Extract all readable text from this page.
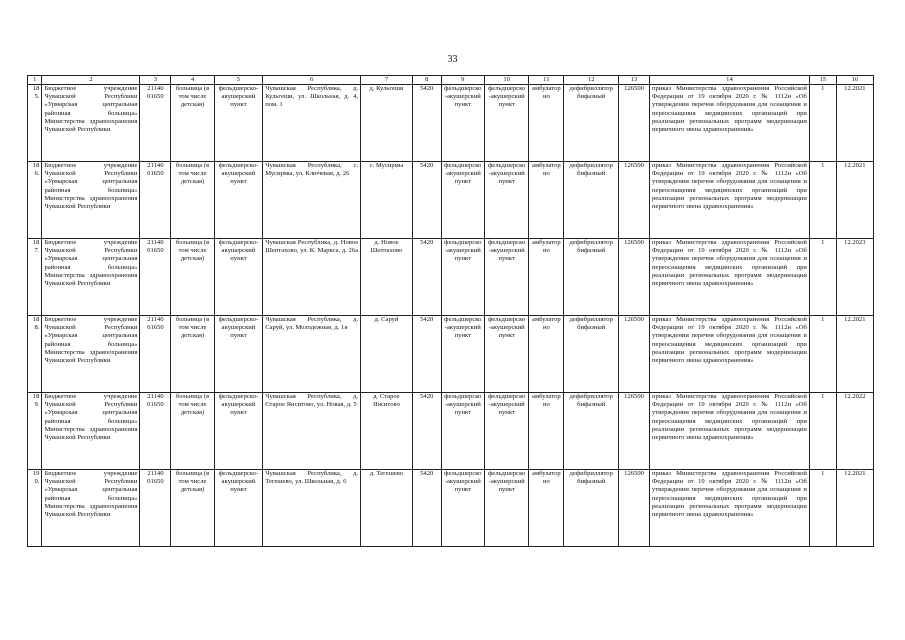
33
1	2	3	4	5	6	7	8	9	10	11	12	13	14	15	16
185.	Бюджетное учреждение Чувашской Республики «Урмарская центральная районная больница» Министерства здравоохранения Чувашской Республики	21140 01650	больница (в том числе детская)	фельдшерско-акушерский пункт	Чувашская Республика, д. Кульгеши, ул. Школьная, д. 4, пом. 1	д. Кульгеши	5420	фельдшерско-акушерский пункт	фельдшерско-акушерский пункт	амбулаторно	дефибриллятор бифазный	126500	приказ Министерства здравоохранения Российской Федерации от 19 октября 2020 г. № 1112н «Об утверждении перечня оборудования для оснащения и переоснащения медицинских организаций при реализации региональных программ модернизации первичного звена здравоохранения»	1	12.2021
186.	Бюджетное учреждение Чувашской Республики «Урмарская центральная районная больница» Министерства здравоохранения Чувашской Республики	21140 01650	больница (в том числе детская)	фельдшерско-акушерский пункт	Чувашская Республика, с. Мусирмы, ул. Ключевая, д. 26	с. Мусирмы	5420	фельдшерско-акушерский пункт	фельдшерско-акушерский пункт	амбулаторно	дефибриллятор бифазный	126500	приказ Министерства здравоохранения Российской Федерации от 19 октября 2020 г. № 1112н «Об утверждении перечня оборудования для оснащения и переоснащения медицинских организаций при реализации региональных программ модернизации первичного звена здравоохранения»	1	12.2021
187.	Бюджетное учреждение Чувашской Республики «Урмарская центральная районная больница» Министерства здравоохранения Чувашской Республики	21140 01650	больница (в том числе детская)	фельдшерско-акушерский пункт	Чувашская Республика, д. Новое Шептахово, ул. К. Маркса, д. 26а	д. Новое Шептахово	5420	фельдшерско-акушерский пункт	фельдшерско-акушерский пункт	амбулаторно	дефибриллятор бифазный	126500	приказ Министерства здравоохранения Российской Федерации от 19 октября 2020 г. № 1112н «Об утверждении перечня оборудования для оснащения и переоснащения медицинских организаций при реализации региональных программ модернизации первичного звена здравоохранения»	1	12.2023
188.	Бюджетное учреждение Чувашской Республики «Урмарская центральная районная больница» Министерства здравоохранения Чувашской Республики	21140 01650	больница (в том числе детская)	фельдшерско-акушерский пункт	Чувашская Республика, д. Саруй, ул. Молодежная, д. 1я	д. Саруй	5420	фельдшерско-акушерский пункт	фельдшерско-акушерский пункт	амбулаторно	дефибриллятор бифазный	126500	приказ Министерства здравоохранения Российской Федерации от 19 октября 2020 г. № 1112н «Об утверждении перечня оборудования для оснащения и переоснащения медицинских организаций при реализации региональных программ модернизации первичного звена здравоохранения»	1	12.2021
189.	Бюджетное учреждение Чувашской Республики «Урмарская центральная районная больница» Министерства здравоохранения Чувашской Республики	21140 01650	больница (в том числе детская)	фельдшерско-акушерский пункт	Чувашская Республика, д. Старое Янситово, ул. Новая, д. 5	д. Старое Янситово	5420	фельдшерско-акушерский пункт	фельдшерско-акушерский пункт	амбулаторно	дефибриллятор бифазный	126500	приказ Министерства здравоохранения Российской Федерации от 19 октября 2020 г. № 1112н «Об утверждении перечня оборудования для оснащения и переоснащения медицинских организаций при реализации региональных программ модернизации первичного звена здравоохранения»	1	12.2022
190.	Бюджетное учреждение Чувашской Республики «Урмарская центральная районная больница» Министерства здравоохранения Чувашской Республики	21140 01650	больница (в том числе детская)	фельдшерско-акушерский пункт	Чувашская Республика, д. Тегешево, ул. Школьная, д. 6	д. Тегешево	5420	фельдшерско-акушерский пункт	фельдшерско-акушерский пункт	амбулаторно	дефибриллятор бифазный	126500	приказ Министерства здравоохранения Российской Федерации от 19 октября 2020 г. № 1112н «Об утверждении перечня оборудования для оснащения и переоснащения медицинских организаций при реализации региональных программ модернизации первичного звена здравоохранения»	1	12.2021
